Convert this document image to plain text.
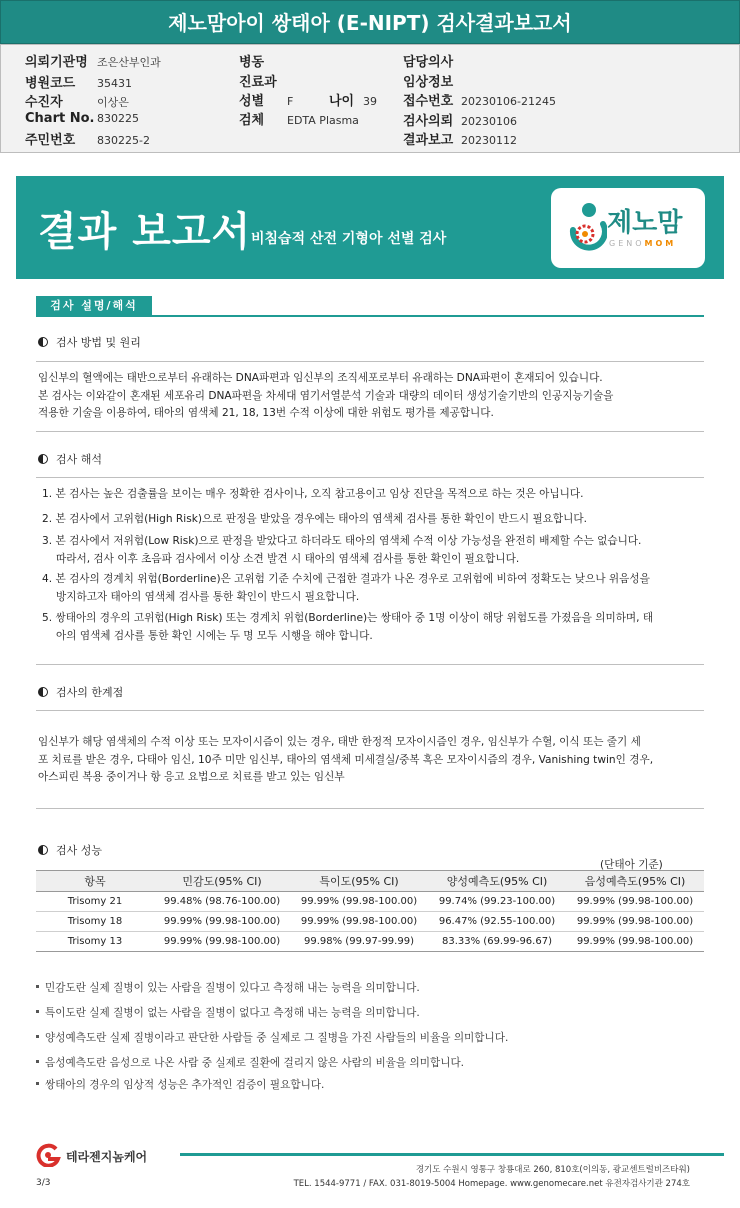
제노맘아이 쌍태아 (E-NIPT) 검사결과보고서
의뢰기관명 조은산부인과
병원코드 35431
수진자	이상은
Chart No. 830225
주민번호 830225-2
병동
진료과
성별 F	나이 39
검체 EDTA Plasma
담당의사
임상정보
접수번호 20230106-21245
검사의뢰 20230106
결과보고 20230112
결과 보고서 비침습적 산전 기형아 선별 검사
제노맘
GENOMOM
검사 설명/해석
검사 방법 및 원리

임신부의 혈액에는 태반으로부터 유래하는 DNA파편과 임신부의 조직세포로부터 유래하는 DNA파편이 혼재되어 있습니다.

본 검사는 이와같이 혼재된 세포유리 DNA파편을 차세대 염기서열분석 기술과 대량의 데이터 생성기술기반의 인공지능기술을

적용한 기술을 이용하여, 태아의 염색체 21, 18, 13번 수적 이상에 대한 위험도 평가를 제공합니다.

검사 해석

1. 본 검사는 높은 검출률을 보이는 매우 정확한 검사이나, 오직 참고용이고 임상 진단을 목적으로 하는 것은 아닙니다.

2. 본 검사에서 고위험(High Risk)으로 판정을 받았을 경우에는 태아의 염색체 검사를 통한 확인이 반드시 필요합니다.

3. 본 검사에서 저위험(Low Risk)으로 판정을 받았다고 하더라도 태아의 염색체 수적 이상 가능성을 완전히 배제할 수는 없습니다.

따라서, 검사 이후 초음파 검사에서 이상 소견 발견 시 태아의 염색체 검사를 통한 확인이 필요합니다.

4. 본 검사의 경계치 위험(Borderline)은 고위험 기준 수치에 근접한 결과가 나온 경우로 고위험에 비하여 정확도는 낮으나 위음성을

방지하고자 태아의 염색체 검사를 통한 확인이 반드시 필요합니다.

5. 쌍태아의 경우의 고위험(High Risk) 또는 경계치 위험(Borderline)는 쌍태아 중 1명 이상이 해당 위험도를 가졌음을 의미하며, 태

아의 염색체 검사를 통한 확인 시에는 두 명 모두 시행을 해야 합니다.

검사의 한계점

임신부가 해당 염색체의 수적 이상 또는 모자이시즘이 있는 경우, 태반 한정적 모자이시즘인 경우, 임신부가 수혈, 이식 또는 줄기 세

포 치료를 받은 경우, 다태아 임신, 10주 미만 임신부, 태아의 염색체 미세결실/중복 혹은 모자이시즘의 경우, Vanishing twin인 경우,

아스피린 복용 중이거나 항 응고 요법으로 치료를 받고 있는 임신부

검사 성능
(단태아 기준)
항목	민감도(95% CI)	특이도(95% CI)	양성예측도(95% CI)	음성예측도(95% CI)
Trisomy 21	99.48% (98.76-100.00)	99.99% (99.98-100.00)	99.74% (99.23-100.00)	99.99% (99.98-100.00)
Trisomy 18	99.99% (99.98-100.00)	99.99% (99.98-100.00)	96.47% (92.55-100.00)	99.99% (99.98-100.00)
Trisomy 13	99.99% (99.98-100.00)	99.98% (99.97-99.99)	83.33% (69.99-96.67)	99.99% (99.98-100.00)
민감도란 실제 질병이 있는 사람을 질병이 있다고 측정해 내는 능력을 의미합니다.
특이도란 실제 질병이 없는 사람을 질병이 없다고 측정해 내는 능력을 의미합니다.
양성예측도란 실제 질병이라고 판단한 사람들 중 실제로 그 질병을 가진 사람들의 비율을 의미합니다.
음성예측도란 음성으로 나온 사람 중 실제로 질환에 걸리지 않은 사람의 비율을 의미합니다.
쌍태아의 경우의 임상적 성능은 추가적인 검증이 필요합니다.
테라젠지놈케어
경기도 수원시 영통구 창룡대로 260, 810호(이의동, 광교센트럴비즈타워)
TEL. 1544-9771 / FAX. 031-8019-5004 Homepage. www.genomecare.net 유전자검사기관 274호
3/3
